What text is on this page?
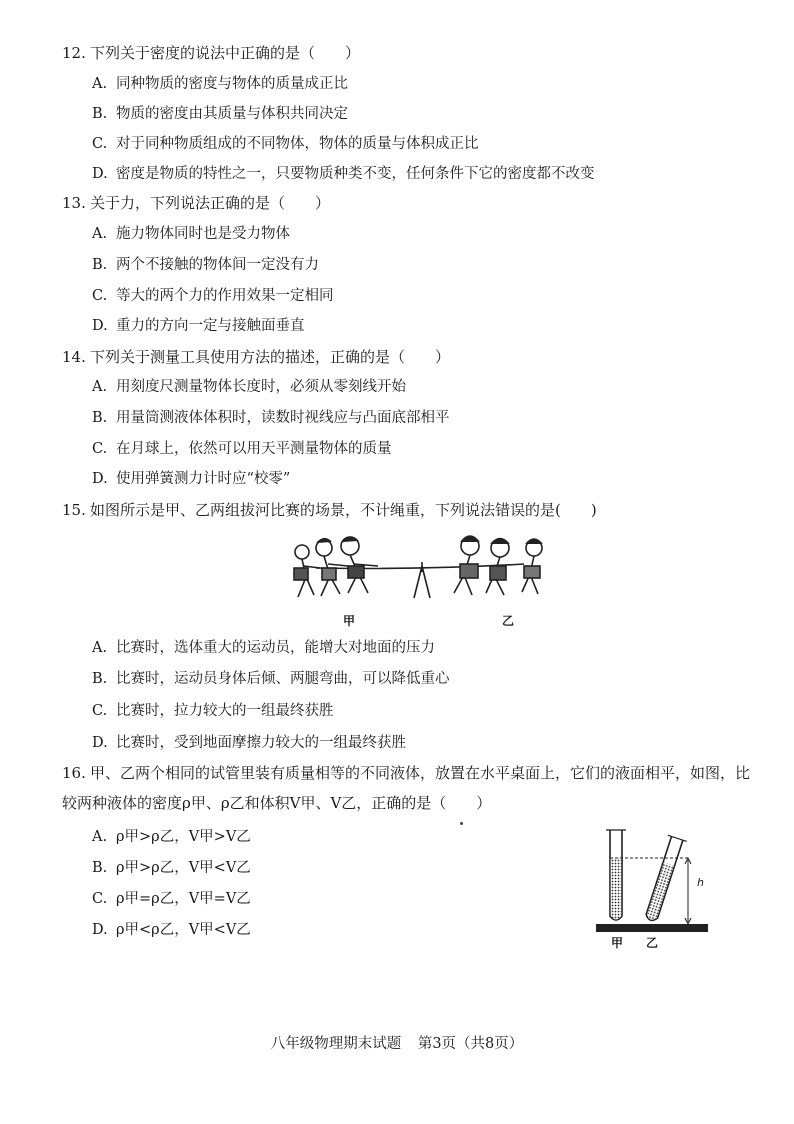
12. 下列关于密度的说法中正确的是（　　）
A. 同种物质的密度与物体的质量成正比
B. 物质的密度由其质量与体积共同决定
C. 对于同种物质组成的不同物体，物体的质量与体积成正比
D. 密度是物质的特性之一，只要物质种类不变，任何条件下它的密度都不改变
13. 关于力，下列说法正确的是（　　）
A. 施力物体同时也是受力物体
B. 两个不接触的物体间一定没有力
C. 等大的两个力的作用效果一定相同
D. 重力的方向一定与接触面垂直
14. 下列关于测量工具使用方法的描述，正确的是（　　）
A. 用刻度尺测量物体长度时，必须从零刻线开始
B. 用量筒测液体体积时，读数时视线应与凸面底部相平
C. 在月球上，依然可以用天平测量物体的质量
D. 使用弹簧测力计时应“校零”
15. 如图所示是甲、乙两组拔河比赛的场景，不计绳重，下列说法错误的是(　　)
甲	乙
A. 比赛时，选体重大的运动员，能增大对地面的压力
B. 比赛时，运动员身体后倾、两腿弯曲，可以降低重心
C. 比赛时，拉力较大的一组最终获胜
D. 比赛时，受到地面摩擦力较大的一组最终获胜
16. 甲、乙两个相同的试管里装有质量相等的不同液体，放置在水平桌面上，它们的液面相平，如图，比较两种液体的密度ρ甲、ρ乙和体积V甲、V乙，正确的是（　　）
A. ρ甲>ρ乙，V甲>V乙
B. ρ甲>ρ乙，V甲<V乙
C. ρ甲=ρ乙，V甲=V乙
D. ρ甲<ρ乙，V甲<V乙
h
甲 乙
八年级物理期末试题 第3页（共8页）
